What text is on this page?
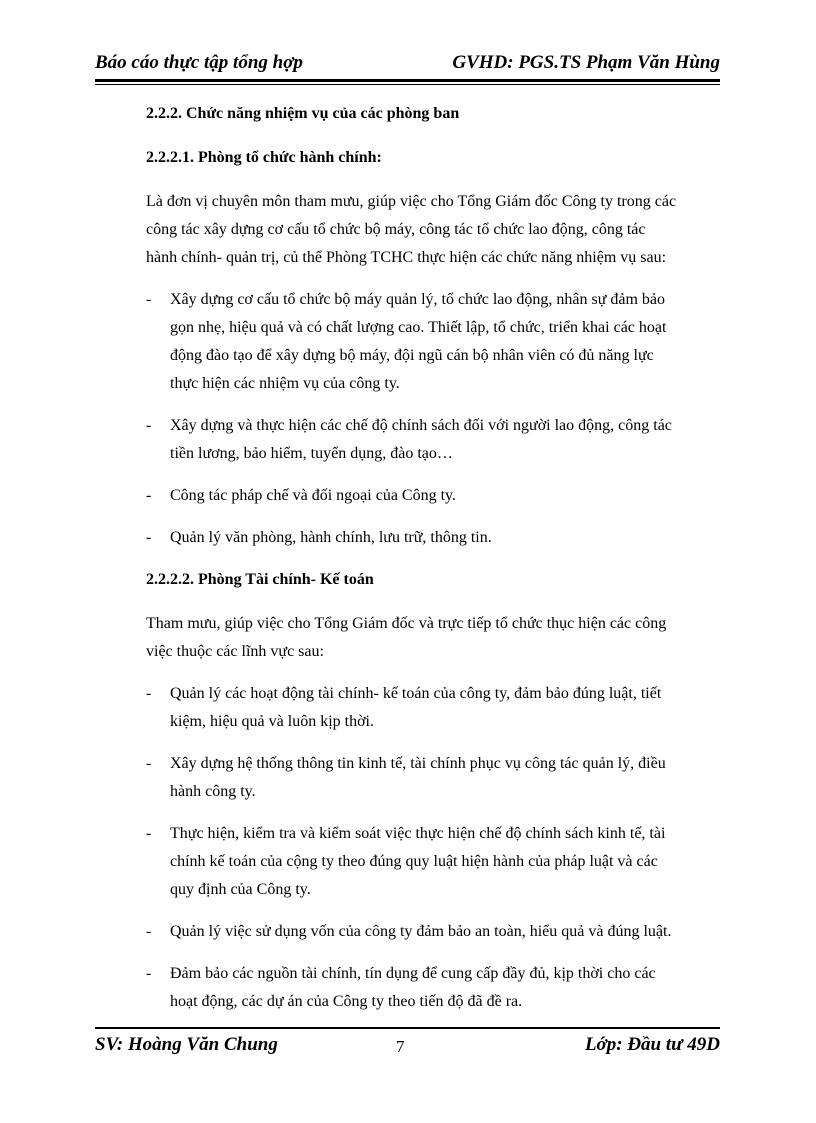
Báo cáo thực tập tổng hợp	GVHD: PGS.TS Phạm Văn Hùng
2.2.2. Chức năng nhiệm vụ của các phòng ban
2.2.2.1. Phòng tổ chức hành chính:
Là đơn vị chuyên môn tham mưu, giúp việc cho Tổng Giám đốc Công ty trong các
công tác xây dựng cơ cấu tổ chức bộ máy, công tác tổ chức lao động, công tác
hành chính- quản trị, củ thể Phòng TCHC thực hiện các chức năng nhiệm vụ sau:
- Xây dựng cơ cấu tổ chức bộ máy quản lý, tổ chức lao động, nhân sự đảm bảo
gọn nhẹ, hiệu quả và có chất lượng cao. Thiết lập, tổ chức, triển khai các hoạt
động đào tạo để xây dựng bộ máy, đội ngũ cán bộ nhân viên có đủ năng lực
thực hiện các nhiệm vụ của công ty.
- Xây dựng và thực hiện các chế độ chính sách đối với người lao động, công tác
tiền lương, bảo hiểm, tuyển dụng, đào tạo…
- Công tác pháp chế và đối ngoại của Công ty.
- Quản lý văn phòng, hành chính, lưu trữ, thông tin.
2.2.2.2. Phòng Tài chính- Kế toán
Tham mưu, giúp việc cho Tổng Giám đốc và trực tiếp tổ chức thục hiện các công
việc thuộc các lĩnh vực sau:
- Quản lý các hoạt động tài chính- kế toán của công ty, đảm bảo đúng luật, tiết
kiệm, hiệu quả và luôn kịp thời.
- Xây dựng hệ thống thông tin kinh tế, tài chính phục vụ công tác quản lý, điều
hành công ty.
- Thực hiện, kiểm tra và kiểm soát việc thực hiện chế độ chính sách kinh tế, tài
chính kế toán của cộng ty theo đúng quy luật hiện hành của pháp luật và các
quy định của Công ty.
- Quản lý việc sử dụng vốn của công ty đảm bảo an toàn, hiểu quả và đúng luật.
- Đảm bảo các nguồn tài chính, tín dụng để cung cấp đầy đủ, kịp thời cho các
hoạt động, các dự án của Công ty theo tiến độ đã đề ra.
SV: Hoàng Văn Chung	7	Lớp: Đầu tư 49D
